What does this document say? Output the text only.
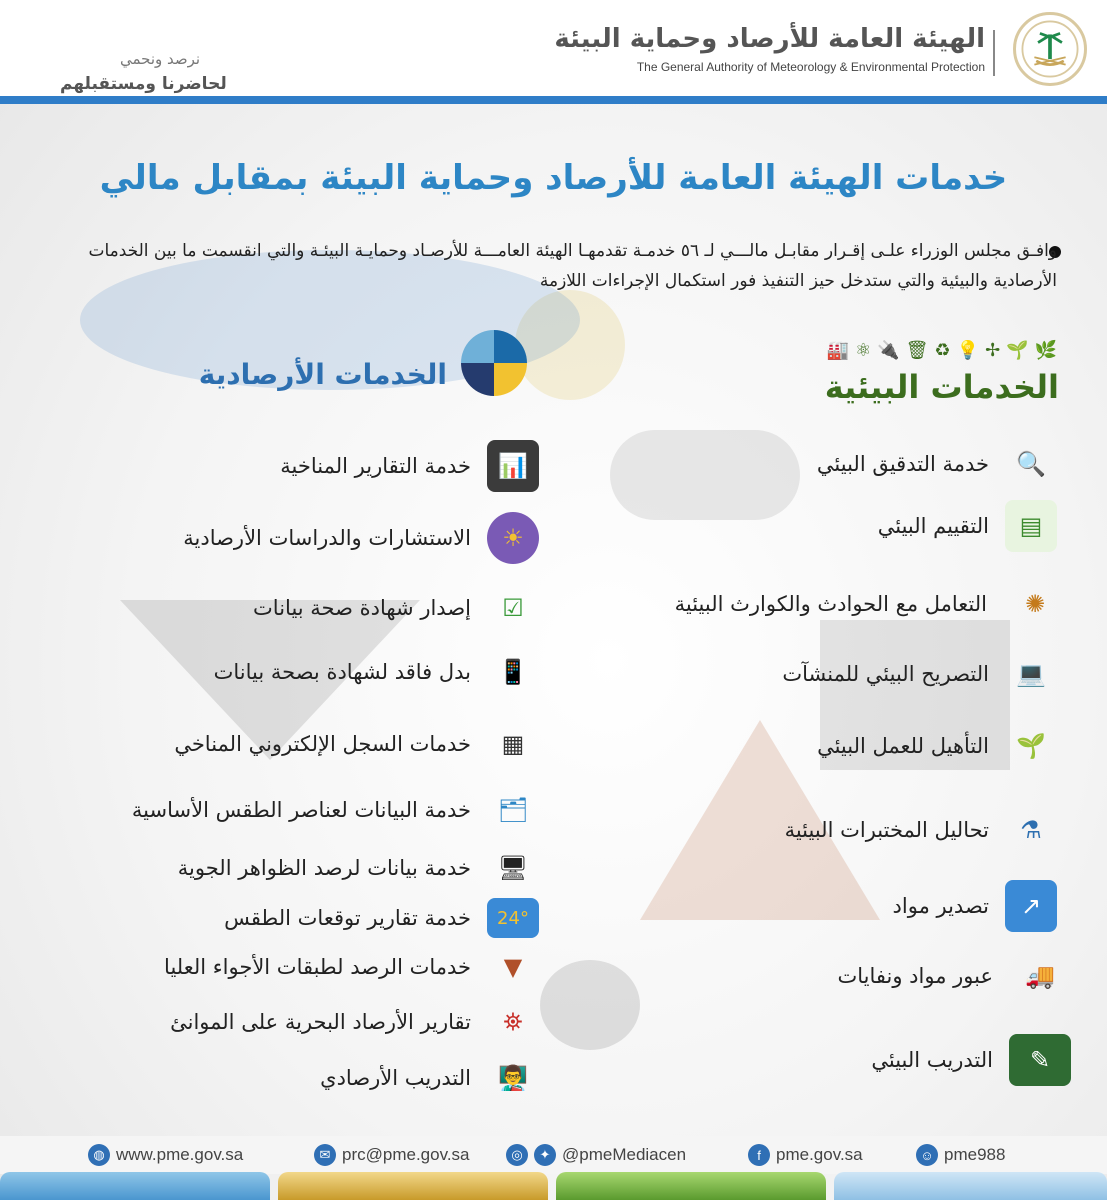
الهيئة العامة للأرصاد وحماية البيئة
The General Authority of Meteorology & Environmental Protection
نرصد ونحمي
لحاضرنا ومستقبلهم
خدمات الهيئة العامة للأرصاد وحماية البيئة بمقابل مالي
وافـق مجلس الوزراء علـى إقـرار مقابـل مالـــي لـ ٥٦ خدمـة تقدمهـا الهيئة العامـــة للأرصـاد وحمايـة البيئـة والتي انقسمت ما بين الخدمات الأرصادية والبيئية والتي ستدخل حيز التنفيذ فور استكمال الإجراءات اللازمة
🏭 ⚛ 🔌 🗑 ♻ 💡 ✢ 🌱 🌿
الخدمات البيئية
الخدمات الأرصادية
🔍
خدمة التدقيق البيئي
▤
التقييم البيئي
✺
التعامل مع الحوادث والكوارث البيئية
💻
التصريح البيئي للمنشآت
🌱
التأهيل للعمل البيئي
⚗
تحاليل المختبرات البيئية
↗
تصدير مواد
🚚
عبور مواد ونفايات
✎
التدريب البيئي
📊
خدمة التقارير المناخية
☀
الاستشارات والدراسات الأرصادية
☑
إصدار شهادة صحة بيانات
📱
بدل فاقد لشهادة بصحة بيانات
▦
خدمات السجل الإلكتروني المناخي
🗂
خدمة البيانات لعناصر الطقس الأساسية
🖥
خدمة بيانات لرصد الظواهر الجوية
24°
خدمة تقارير توقعات الطقس
▼
خدمات الرصد لطبقات الأجواء العليا
⛯
تقارير الأرصاد البحرية على الموانئ
👨‍🏫
التدريب الأرصادي
◍ www.pme.gov.sa	✉ prc@pme.gov.sa	◎	✦ @pmeMediacen	f pme.gov.sa	☺ pme988
